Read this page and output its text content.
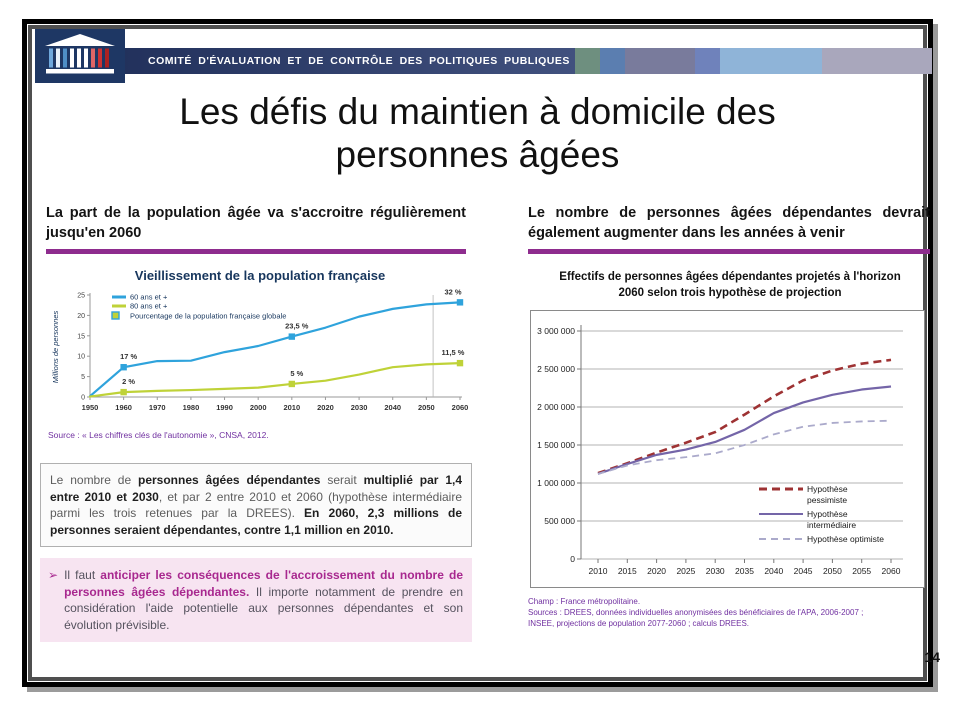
COMITÉ D'ÉVALUATION ET DE CONTRÔLE DES POLITIQUES PUBLIQUES
Les défis du maintien à domicile des
personnes âgées
La part de la population âgée va s'accroitre régulièrement jusqu'en 2060
Vieillissement de la population française
0
5
10
15
20
25
1950 1960 1970 1980 1990 2000 2010 2020 2030 2040 2050 2060
17 %
23,5 %
32 %
2 %
5 %
11,5 %
60 ans et +
80 ans et +
Pourcentage de la population française globale
Millions de personnes
Source : « Les chiffres clés de l'autonomie », CNSA, 2012.
Le nombre de personnes âgées dépendantes serait multiplié par 1,4 entre 2010 et 2030, et par 2 entre 2010 et 2060 (hypothèse intermédiaire parmi les trois retenues par la DREES). En 2060, 2,3 millions de personnes seraient dépendantes, contre 1,1 million en 2010.
➢ Il faut anticiper les conséquences de l'accroissement du nombre de personnes âgées dépendantes. Il importe notamment de prendre en considération l'aide potentielle aux personnes dépendantes et son évolution prévisible.
Le nombre de personnes âgées dépendantes devrait également augmenter dans les années à venir
Effectifs de personnes âgées dépendantes projetés à l'horizon
2060 selon trois hypothèse de projection
0
500 000
1 000 000
1 500 000
2 000 000
2 500 000
3 000 000
2010 2015 2020 2025 2030 2035 2040 2045 2050 2055 2060
Hypothèse
pessimiste
Hypothèse
intermédiaire
Hypothèse optimiste
Champ : France métropolitaine.
Sources : DREES, données individuelles anonymisées des bénéficiaires de l'APA, 2006-2007 ;
INSEE, projections de population 2077-2060 ; calculs DREES.
14
